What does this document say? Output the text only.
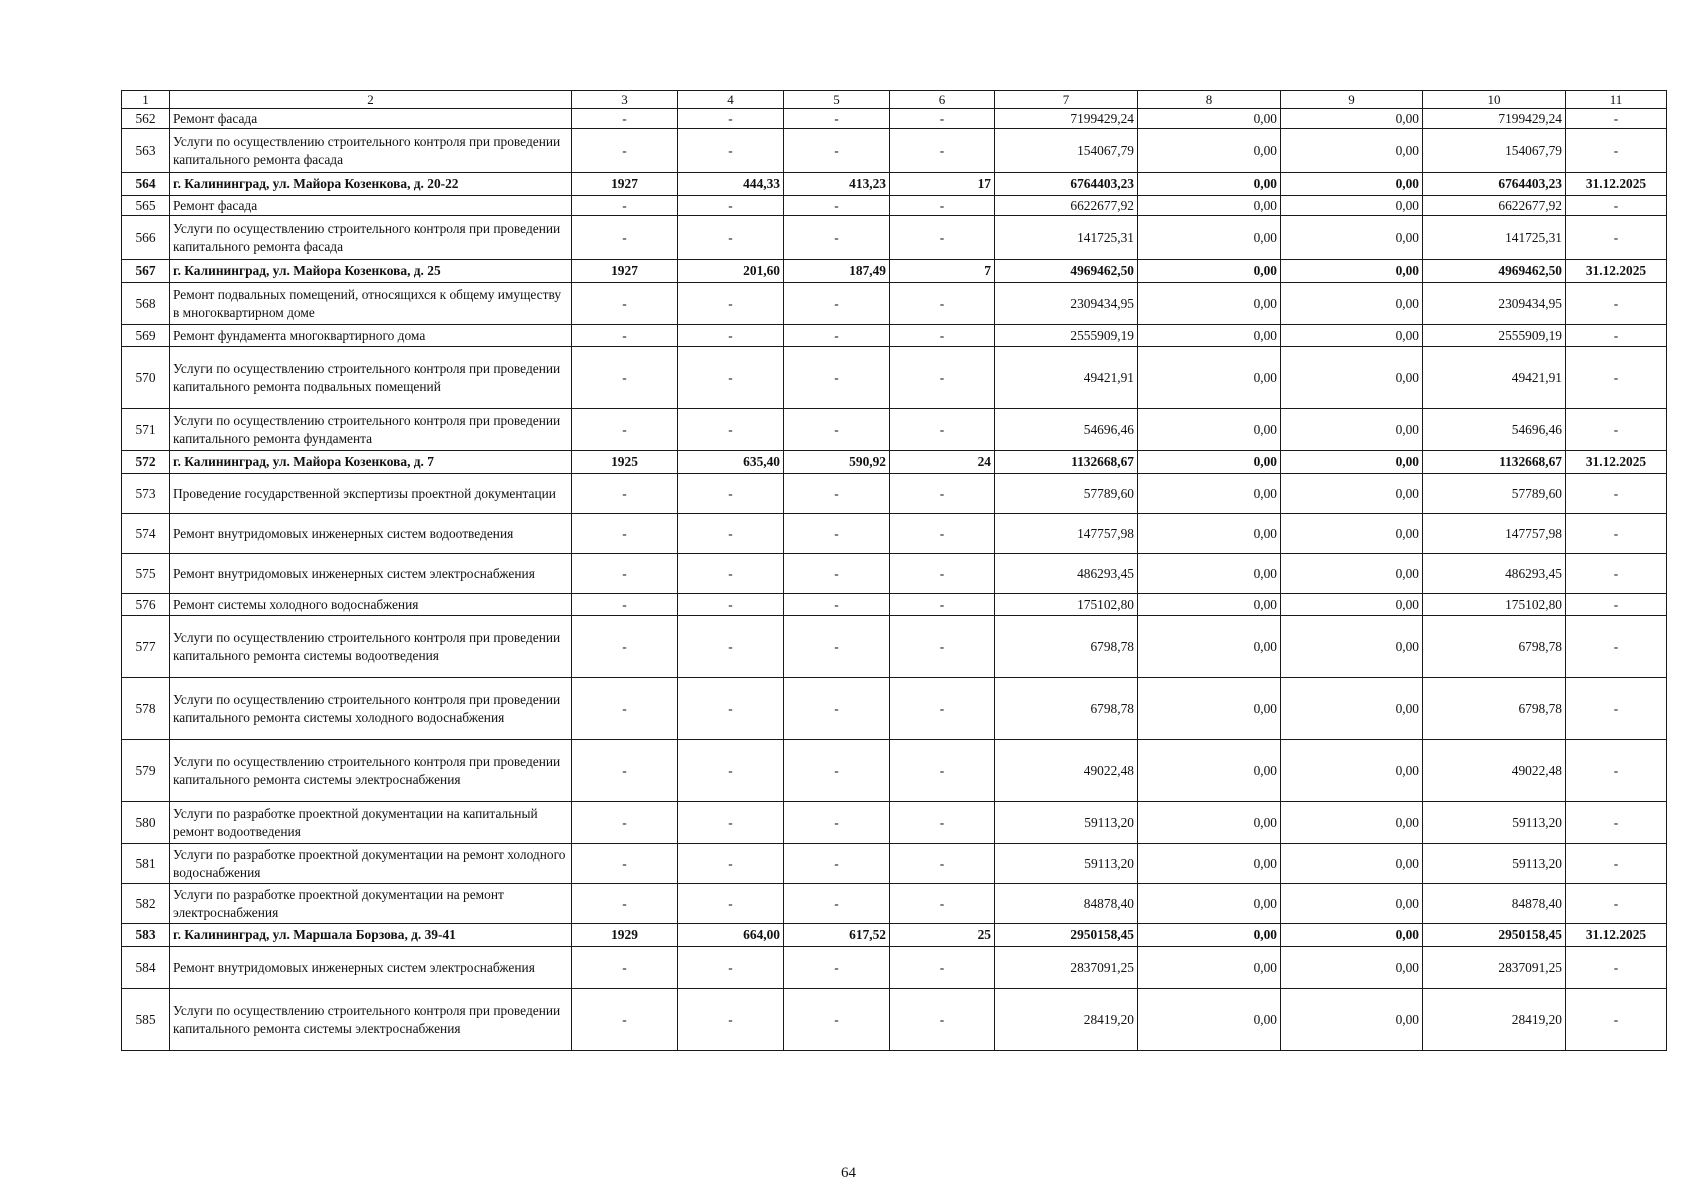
1	2	3	4	5	6	7	8	9	10	11
562	Ремонт фасада	-	-	-	-	7199429,24	0,00	0,00	7199429,24	-
563	Услуги по осуществлению строительного контроля при проведении капитального ремонта фасада	-	-	-	-	154067,79	0,00	0,00	154067,79	-
564	г. Калининград, ул. Майора Козенкова, д. 20-22	1927	444,33	413,23	17	6764403,23	0,00	0,00	6764403,23	31.12.2025
565	Ремонт фасада	-	-	-	-	6622677,92	0,00	0,00	6622677,92	-
566	Услуги по осуществлению строительного контроля при проведении капитального ремонта фасада	-	-	-	-	141725,31	0,00	0,00	141725,31	-
567	г. Калининград, ул. Майора Козенкова, д. 25	1927	201,60	187,49	7	4969462,50	0,00	0,00	4969462,50	31.12.2025
568	Ремонт подвальных помещений, относящихся к общему имуществу в многоквартирном доме	-	-	-	-	2309434,95	0,00	0,00	2309434,95	-
569	Ремонт фундамента многоквартирного дома	-	-	-	-	2555909,19	0,00	0,00	2555909,19	-
570	Услуги по осуществлению строительного контроля при проведении капитального ремонта подвальных помещений	-	-	-	-	49421,91	0,00	0,00	49421,91	-
571	Услуги по осуществлению строительного контроля при проведении капитального ремонта фундамента	-	-	-	-	54696,46	0,00	0,00	54696,46	-
572	г. Калининград, ул. Майора Козенкова, д. 7	1925	635,40	590,92	24	1132668,67	0,00	0,00	1132668,67	31.12.2025
573	Проведение государственной экспертизы проектной документации	-	-	-	-	57789,60	0,00	0,00	57789,60	-
574	Ремонт внутридомовых инженерных систем водоотведения	-	-	-	-	147757,98	0,00	0,00	147757,98	-
575	Ремонт внутридомовых инженерных систем электроснабжения	-	-	-	-	486293,45	0,00	0,00	486293,45	-
576	Ремонт системы холодного водоснабжения	-	-	-	-	175102,80	0,00	0,00	175102,80	-
577	Услуги по осуществлению строительного контроля при проведении капитального ремонта системы водоотведения	-	-	-	-	6798,78	0,00	0,00	6798,78	-
578	Услуги по осуществлению строительного контроля при проведении капитального ремонта системы холодного водоснабжения	-	-	-	-	6798,78	0,00	0,00	6798,78	-
579	Услуги по осуществлению строительного контроля при проведении капитального ремонта системы электроснабжения	-	-	-	-	49022,48	0,00	0,00	49022,48	-
580	Услуги по разработке проектной документации на капитальный ремонт водоотведения	-	-	-	-	59113,20	0,00	0,00	59113,20	-
581	Услуги по разработке проектной документации на ремонт холодного водоснабжения	-	-	-	-	59113,20	0,00	0,00	59113,20	-
582	Услуги по разработке проектной документации на ремонт электроснабжения	-	-	-	-	84878,40	0,00	0,00	84878,40	-
583	г. Калининград, ул. Маршала Борзова, д. 39-41	1929	664,00	617,52	25	2950158,45	0,00	0,00	2950158,45	31.12.2025
584	Ремонт внутридомовых инженерных систем электроснабжения	-	-	-	-	2837091,25	0,00	0,00	2837091,25	-
585	Услуги по осуществлению строительного контроля при проведении капитального ремонта системы электроснабжения	-	-	-	-	28419,20	0,00	0,00	28419,20	-
64
